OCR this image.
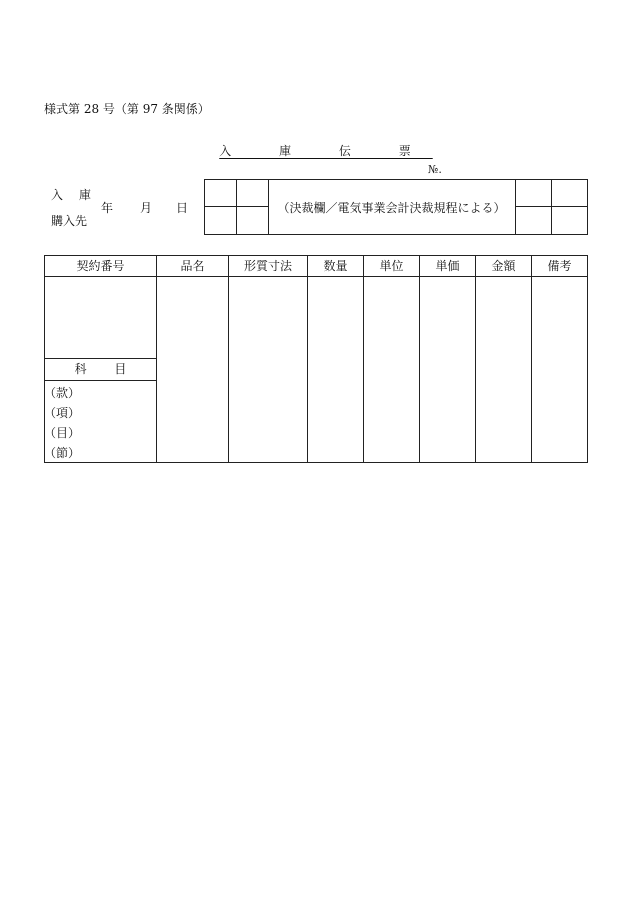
様式第 28 号（第 97 条関係）
入 庫 伝 票
№.
入　庫
年 月 日
購入先
（決裁欄／電気事業会計決裁規程による）
契約番号	品名	形質寸法	数量	単位	単価	金額	備考
科 目
（款）
（項）
（目）
（節）
